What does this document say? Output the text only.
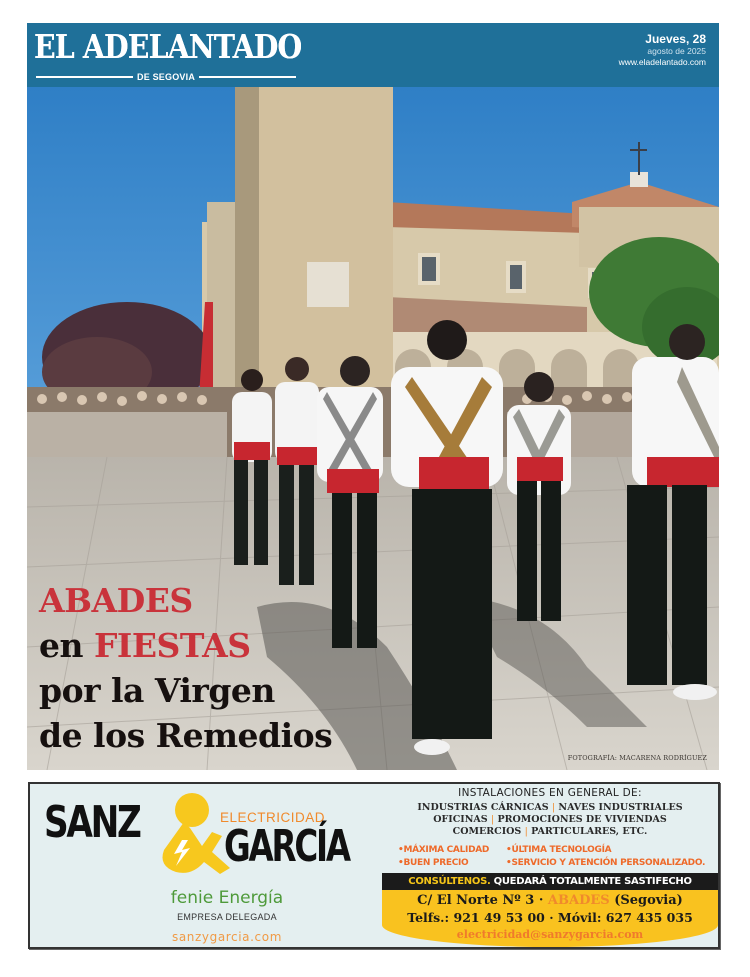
EL ADELANTADO
DE SEGOVIA
Jueves, 28
agosto de 2025
www.eladelantado.com
ABADES
en FIESTAS
por la Virgen
de los Remedios
FOTOGRAFÍA: MACARENA RODRÍGUEZ
SANZ	ELECTRICIDAD
GARCÍA
fenie Energía
EMPRESA DELEGADA
sanzygarcia.com
INSTALACIONES EN GENERAL DE:
INDUSTRIAS CÁRNICAS | NAVES INDUSTRIALES
OFICINAS | PROMOCIONES DE VIVIENDAS
COMERCIOS | PARTICULARES, ETC.
•MÁXIMA CALIDAD	•ÚLTIMA TECNOLOGÍA
•BUEN PRECIO	•SERVICIO Y ATENCIÓN PERSONALIZADO.
CONSÚLTENOS. QUEDARÁ TOTALMENTE SASTIFECHO
C/ El Norte Nº 3 · ABADES (Segovia)
Telfs.: 921 49 53 00 · Móvil: 627 435 035
electricidad@sanzygarcia.com
